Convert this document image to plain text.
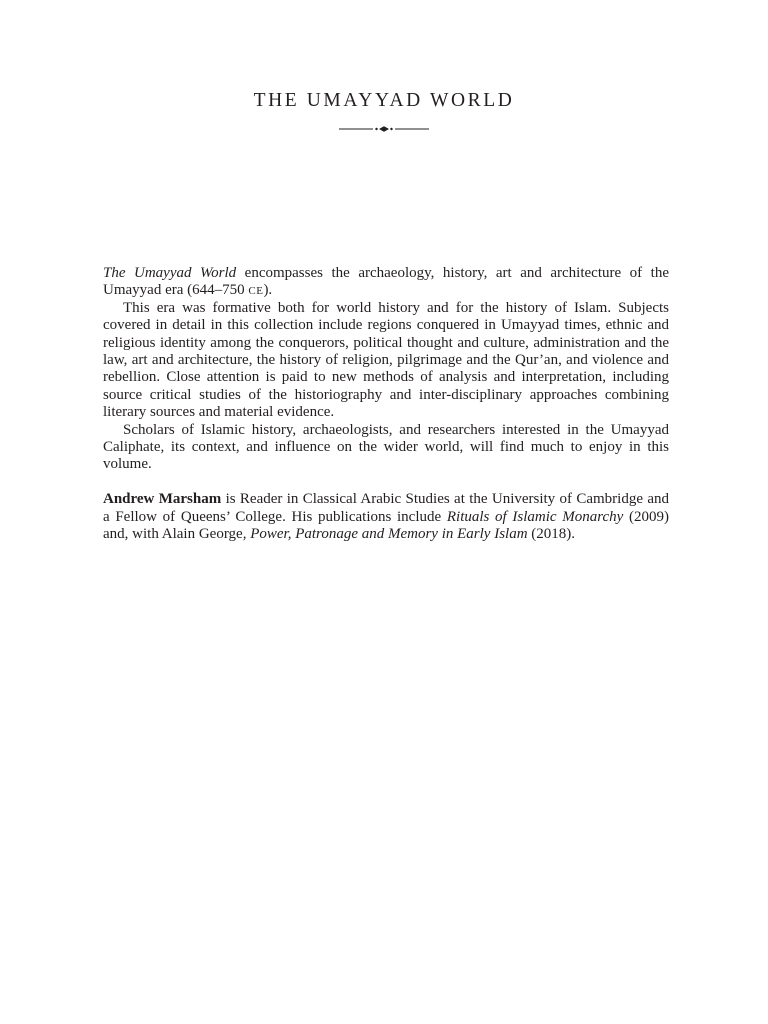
THE UMAYYAD WORLD

The Umayyad World encompasses the archaeology, history, art and architecture of the Umayyad era (644–750 ce).

This era was formative both for world history and for the history of Islam. Subjects covered in detail in this collection include regions conquered in Umayyad times, ethnic and religious identity among the conquerors, political thought and culture, administration and the law, art and architecture, the history of religion, pilgrimage and the Qur’an, and violence and rebellion. Close attention is paid to new methods of analysis and interpretation, including source critical studies of the historiography and inter-disciplinary approaches combining literary sources and material evidence.

Scholars of Islamic history, archaeologists, and researchers interested in the Umayyad Caliphate, its context, and influence on the wider world, will find much to enjoy in this volume.

Andrew Marsham is Reader in Classical Arabic Studies at the University of Cambridge and a Fellow of Queens’ College. His publications include Rituals of Islamic Monarchy (2009) and, with Alain George, Power, Patronage and Memory in Early Islam (2018).
